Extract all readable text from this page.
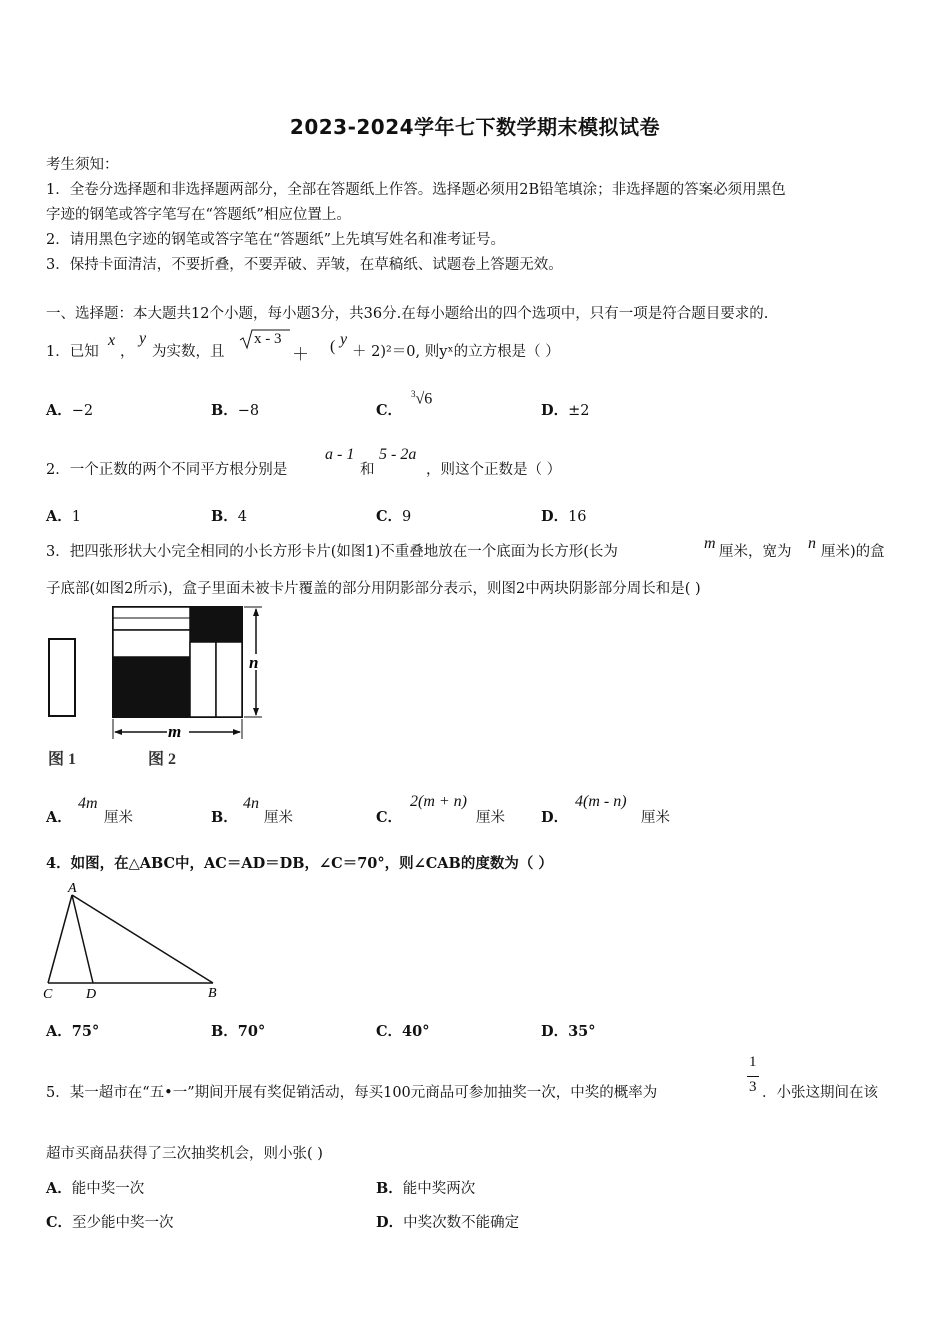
2023-2024学年七下数学期末模拟试卷
考生须知：
1．全卷分选择题和非选择题两部分，全部在答题纸上作答。选择题必须用2B铅笔填涂；非选择题的答案必须用黑色
字迹的钢笔或答字笔写在“答题纸”相应位置上。
2．请用黑色字迹的钢笔或答字笔在“答题纸”上先填写姓名和准考证号。
3．保持卡面清洁，不要折叠，不要弄破、弄皱，在草稿纸、试题卷上答题无效。
一、选择题：本大题共12个小题，每小题3分，共36分.在每小题给出的四个选项中，只有一项是符合题目要求的.
1．已知
x
，
y
为实数，且
x - 3
＋ ( y
＋ 2)²＝0, 则yˣ的立方根是（ ）
A．−2	B．−8	C．
$^3$√6
D．±2
2．一个正数的两个不同平方根分别是
a - 1
和
5 - 2a
，则这个正数是（ ）
A．1	B．4	C．9	D．16
3．把四张形状大小完全相同的小长方形卡片(如图1)不重叠地放在一个底面为长方形(长为	m 厘米，宽为 n 厘米)的盒
子底部(如图2所示)，盒子里面未被卡片覆盖的部分用阴影部分表示，则图2中两块阴影部分周长和是( )
n
m
图 1	图 2
A．
4m
厘米	B．
4n
厘米	C．
2(m + n)
厘米 D．
4(m - n)
厘米
4．如图，在△ABC中，AC＝AD＝DB，∠C＝70°，则∠CAB的度数为（ ）
A
B
C D
A．75°	B．70°	C．40°	D．35°
5．某一超市在“五•一”期间开展有奖促销活动，每买100元商品可参加抽奖一次，中奖的概率为
1
3 ．小张这期间在该
超市买商品获得了三次抽奖机会，则小张( )
A．能中奖一次	B．能中奖两次
C．至少能中奖一次	D．中奖次数不能确定
